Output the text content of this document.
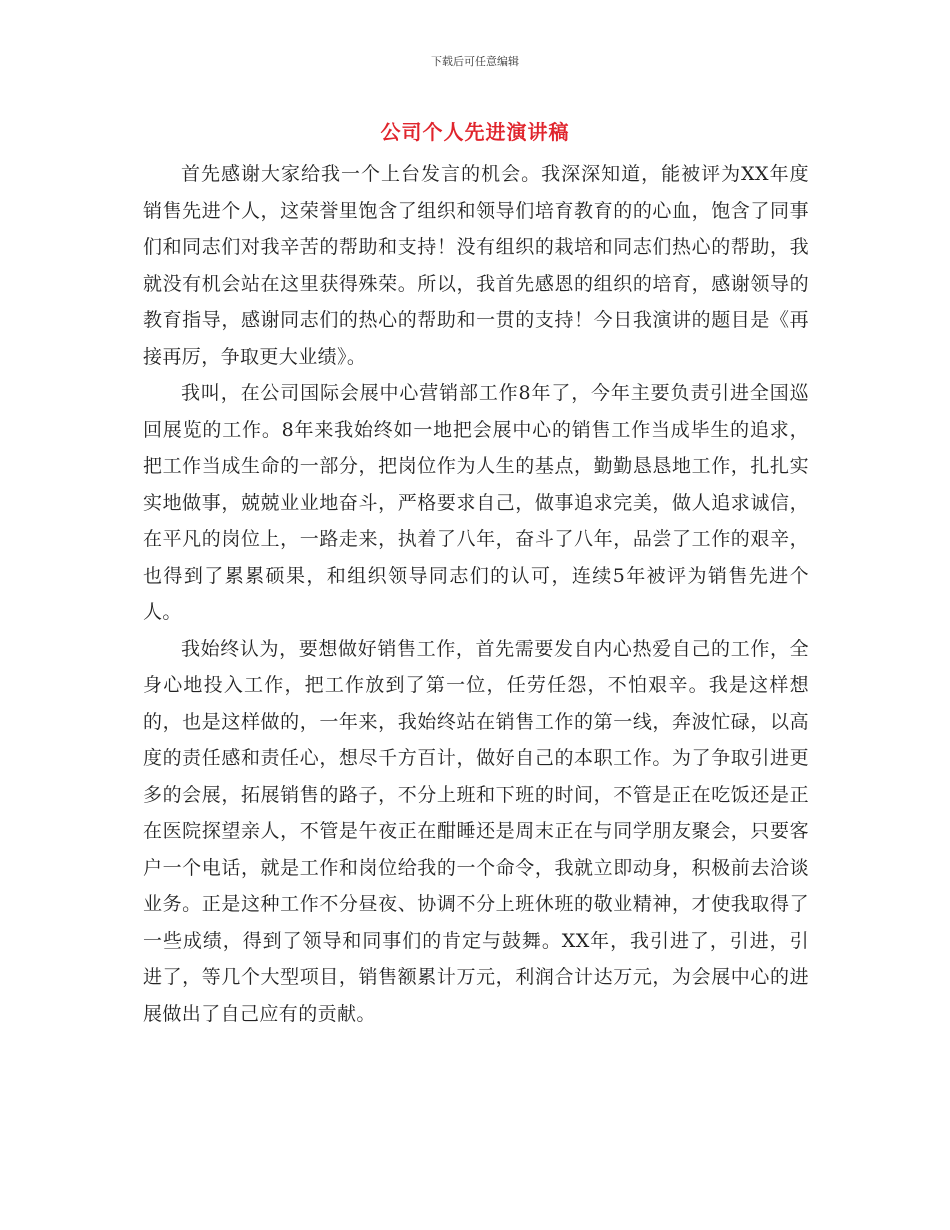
下载后可任意编辑
公司个人先进演讲稿

首先感谢大家给我一个上台发言的机会。我深深知道，能被评为XX年度销售先进个人，这荣誉里饱含了组织和领导们培育教育的的心血，饱含了同事们和同志们对我辛苦的帮助和支持！没有组织的栽培和同志们热心的帮助，我就没有机会站在这里获得殊荣。所以，我首先感恩的组织的培育，感谢领导的教育指导，感谢同志们的热心的帮助和一贯的支持！今日我演讲的题目是《再接再厉，争取更大业绩》。

我叫，在公司国际会展中心营销部工作8年了，今年主要负责引进全国巡回展览的工作。8年来我始终如一地把会展中心的销售工作当成毕生的追求，把工作当成生命的一部分，把岗位作为人生的基点，勤勤恳恳地工作，扎扎实实地做事，兢兢业业地奋斗，严格要求自己，做事追求完美，做人追求诚信，在平凡的岗位上，一路走来，执着了八年，奋斗了八年，品尝了工作的艰辛，也得到了累累硕果，和组织领导同志们的认可，连续5年被评为销售先进个人。

我始终认为，要想做好销售工作，首先需要发自内心热爱自己的工作，全身心地投入工作，把工作放到了第一位，任劳任怨，不怕艰辛。我是这样想的，也是这样做的，一年来，我始终站在销售工作的第一线，奔波忙碌，以高度的责任感和责任心，想尽千方百计，做好自己的本职工作。为了争取引进更多的会展，拓展销售的路子，不分上班和下班的时间，不管是正在吃饭还是正在医院探望亲人，不管是午夜正在酣睡还是周末正在与同学朋友聚会，只要客户一个电话，就是工作和岗位给我的一个命令，我就立即动身，积极前去洽谈业务。正是这种工作不分昼夜、协调不分上班休班的敬业精神，才使我取得了一些成绩，得到了领导和同事们的肯定与鼓舞。XX年，我引进了，引进，引进了，等几个大型项目，销售额累计万元，利润合计达万元，为会展中心的进展做出了自己应有的贡献。
